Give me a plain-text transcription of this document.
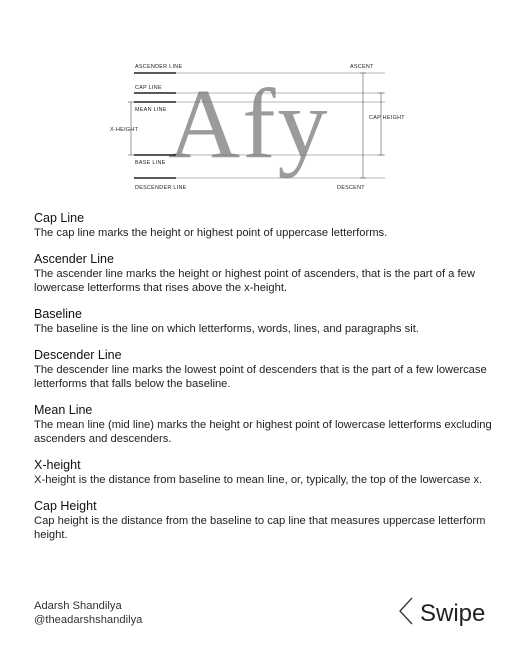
Afy
ASCENDER LINE
CAP LINE
MEAN LINE
X-HEIGHT
BASE LINE
DESCENDER LINE
ASCENT
CAP HEIGHT
DESCENT
Cap Line
The cap line marks the height or highest point of uppercase letterforms.
Ascender Line
The ascender line marks the height or highest point of ascenders, that is the part of a few lowercase letterforms that rises above the x-height.
Baseline
The baseline is the line on which letterforms, words, lines, and paragraphs sit.
Descender Line
The descender line marks the lowest point of descenders that is the part of a few lowercase letterforms that falls below the baseline.
Mean Line
The mean line (mid line) marks the height or highest point of lowercase letterforms excluding ascenders and descenders.
X-height
X-height is the distance from baseline to mean line, or, typically, the top of the lowercase x.
Cap Height
Cap height is the distance from the baseline to cap line that measures uppercase letterform height.
Adarsh Shandilya
@theadarshshandilya	Swipe
